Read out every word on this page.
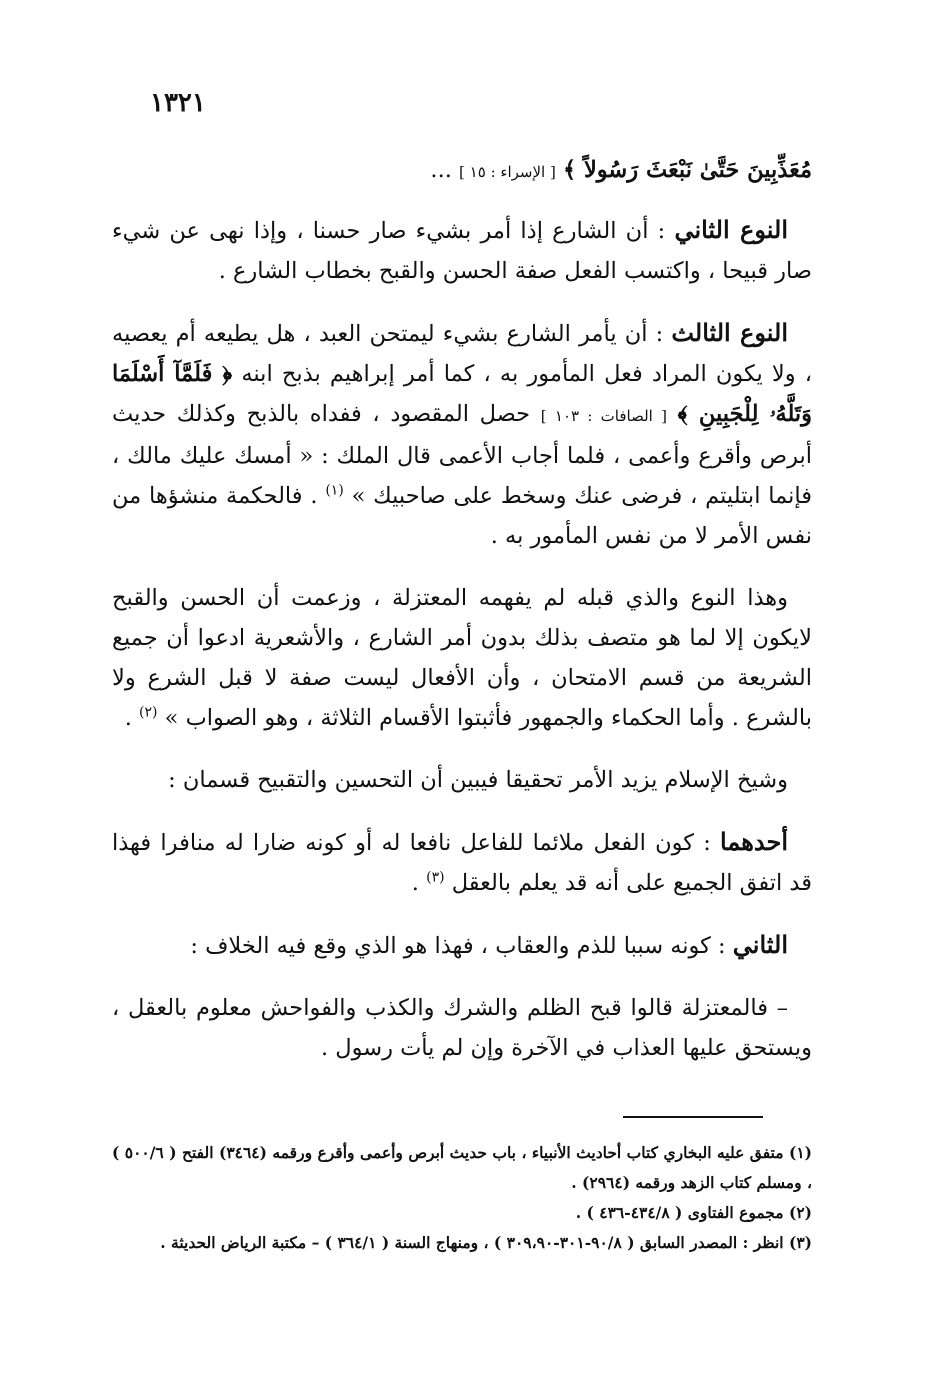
١٣٢١

مُعَذِّبِينَ حَتَّىٰ نَبْعَثَ رَسُولاً ﴾ [ الإسراء : ١٥ ] ...

النوع الثاني : أن الشارع إذا أمر بشيء صار حسنا ، وإذا نهى عن شيء صار قبيحا ، واكتسب الفعل صفة الحسن والقبح بخطاب الشارع .

النوع الثالث : أن يأمر الشارع بشيء ليمتحن العبد ، هل يطيعه أم يعصيه ، ولا يكون المراد فعل المأمور به ، كما أمر إبراهيم بذبح ابنه ﴿ فَلَمَّآ أَسْلَمَا وَتَلَّهُۥ لِلْجَبِينِ ﴾ [ الصافات : ١٠٣ ] حصل المقصود ، ففداه بالذبح وكذلك حديث أبرص وأقرع وأعمى ، فلما أجاب الأعمى قال الملك : « أمسك عليك مالك ، فإنما ابتليتم ، فرضى عنك وسخط على صاحبيك » $^{(١)}$ . فالحكمة منشؤها من نفس الأمر لا من نفس المأمور به .

وهذا النوع والذي قبله لم يفهمه المعتزلة ، وزعمت أن الحسن والقبح لايكون إلا لما هو متصف بذلك بدون أمر الشارع ، والأشعرية ادعوا أن جميع الشريعة من قسم الامتحان ، وأن الأفعال ليست صفة لا قبل الشرع ولا بالشرع . وأما الحكماء والجمهور فأثبتوا الأقسام الثلاثة ، وهو الصواب » $^{(٢)}$ .

وشيخ الإسلام يزيد الأمر تحقيقا فيبين أن التحسين والتقبيح قسمان :

أحدهما : كون الفعل ملائما للفاعل نافعا له أو كونه ضارا له منافرا فهذا قد اتفق الجميع على أنه قد يعلم بالعقل $^{(٣)}$ .

الثاني : كونه سببا للذم والعقاب ، فهذا هو الذي وقع فيه الخلاف :

– فالمعتزلة قالوا قبح الظلم والشرك والكذب والفواحش معلوم بالعقل ، ويستحق عليها العذاب في الآخرة وإن لم يأت رسول .

(١) متفق عليه البخاري كتاب أحاديث الأنبياء ، باب حديث أبرص وأعمى وأقرع ورقمه (٣٤٦٤) الفتح ( ٥٠٠/٦ ) ، ومسلم كتاب الزهد ورقمه (٢٩٦٤) .

(٢) مجموع الفتاوى ( ٤٣٤/٨-٤٣٦ ) .

(٣) انظر : المصدر السابق ( ٩٠/٨-٣٠١-٣٠٩،٩٠ ) ، ومنهاج السنة ( ٣٦٤/١ ) – مكتبة الرياض الحديثة .
